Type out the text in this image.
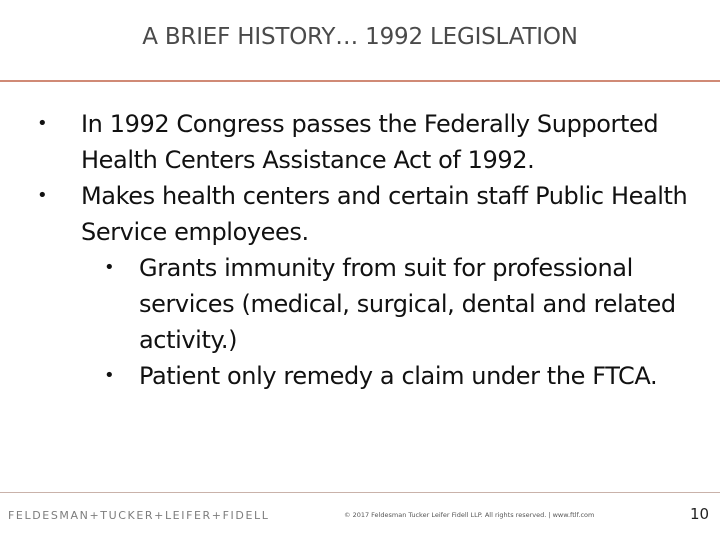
A BRIEF HISTORY… 1992 LEGISLATION
• In 1992 Congress passes the Federally Supported Health Centers Assistance Act of 1992.
• Makes health centers and certain staff Public Health Service employees.
• Grants immunity from suit for professional services (medical, surgical, dental and related activity.)
• Patient only remedy a claim under the FTCA.
FELDESMAN+TUCKER+LEIFER+FIDELL	© 2017 Feldesman Tucker Leifer Fidell LLP. All rights reserved. | www.ftlf.com	10
